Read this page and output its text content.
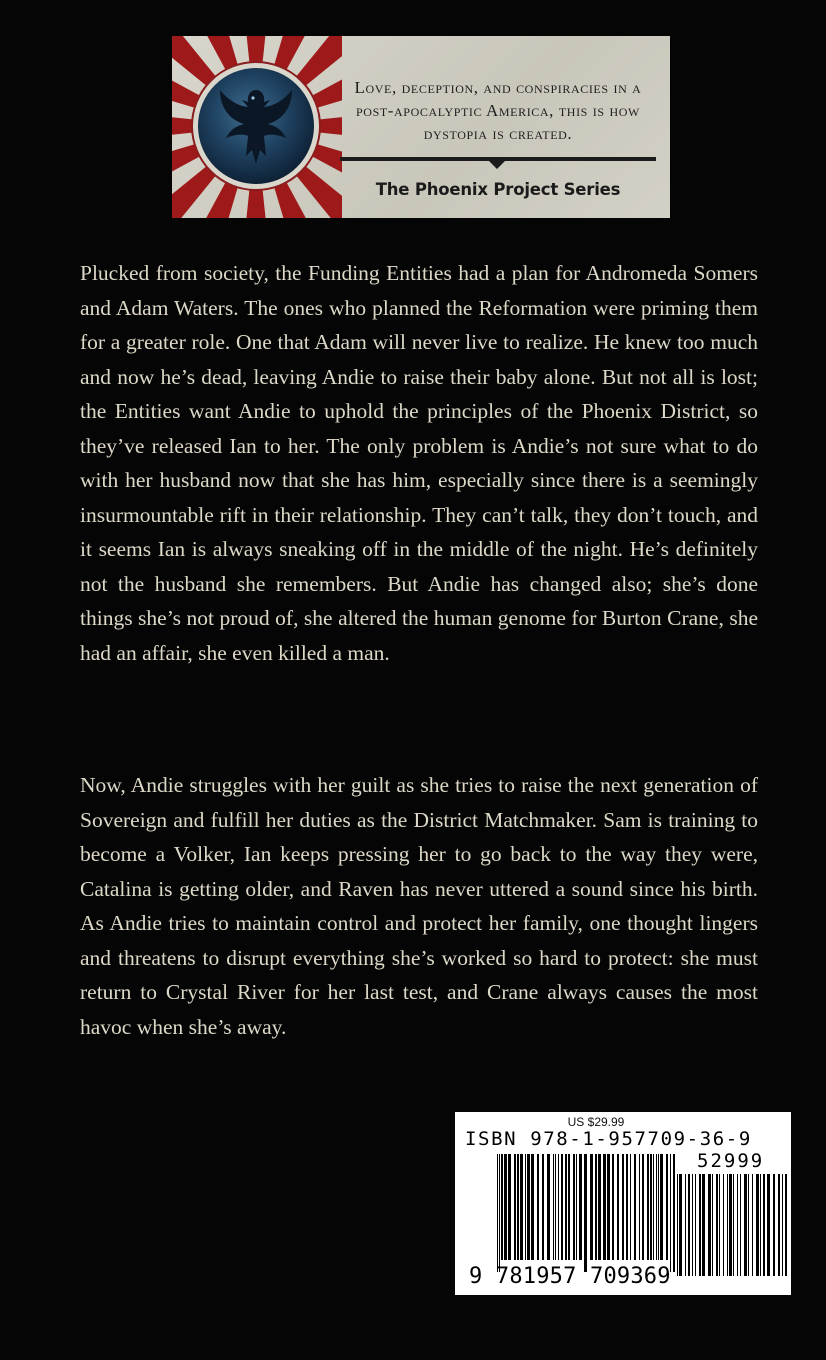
Love, deception, and conspiracies in a post-apocalyptic America, this is how dystopia is created.
The Phoenix Project Series

Plucked from society, the Funding Entities had a plan for Andromeda Somers and Adam Waters. The ones who planned the Reformation were priming them for a greater role. One that Adam will never live to realize. He knew too much and now he’s dead, leaving Andie to raise their baby alone. But not all is lost; the Entities want Andie to uphold the principles of the Phoenix District, so they’ve released Ian to her. The only problem is Andie’s not sure what to do with her husband now that she has him, especially since there is a seemingly insurmountable rift in their relationship. They can’t talk, they don’t touch, and it seems Ian is always sneaking off in the middle of the night. He’s definitely not the husband she remembers. But Andie has changed also; she’s done things she’s not proud of, she altered the human genome for Burton Crane, she had an affair, she even killed a man.

Now, Andie struggles with her guilt as she tries to raise the next generation of Sovereign and fulfill her duties as the District Matchmaker. Sam is training to become a Volker, Ian keeps pressing her to go back to the way they were, Catalina is getting older, and Raven has never uttered a sound since his birth. As Andie tries to maintain control and protect her family, one thought lingers and threatens to disrupt everything she’s worked so hard to protect: she must return to Crystal River for her last test, and Crane always causes the most havoc when she’s away.

US $29.99
ISBN 978-1-957709-36-9
52999
9 781957 709369
